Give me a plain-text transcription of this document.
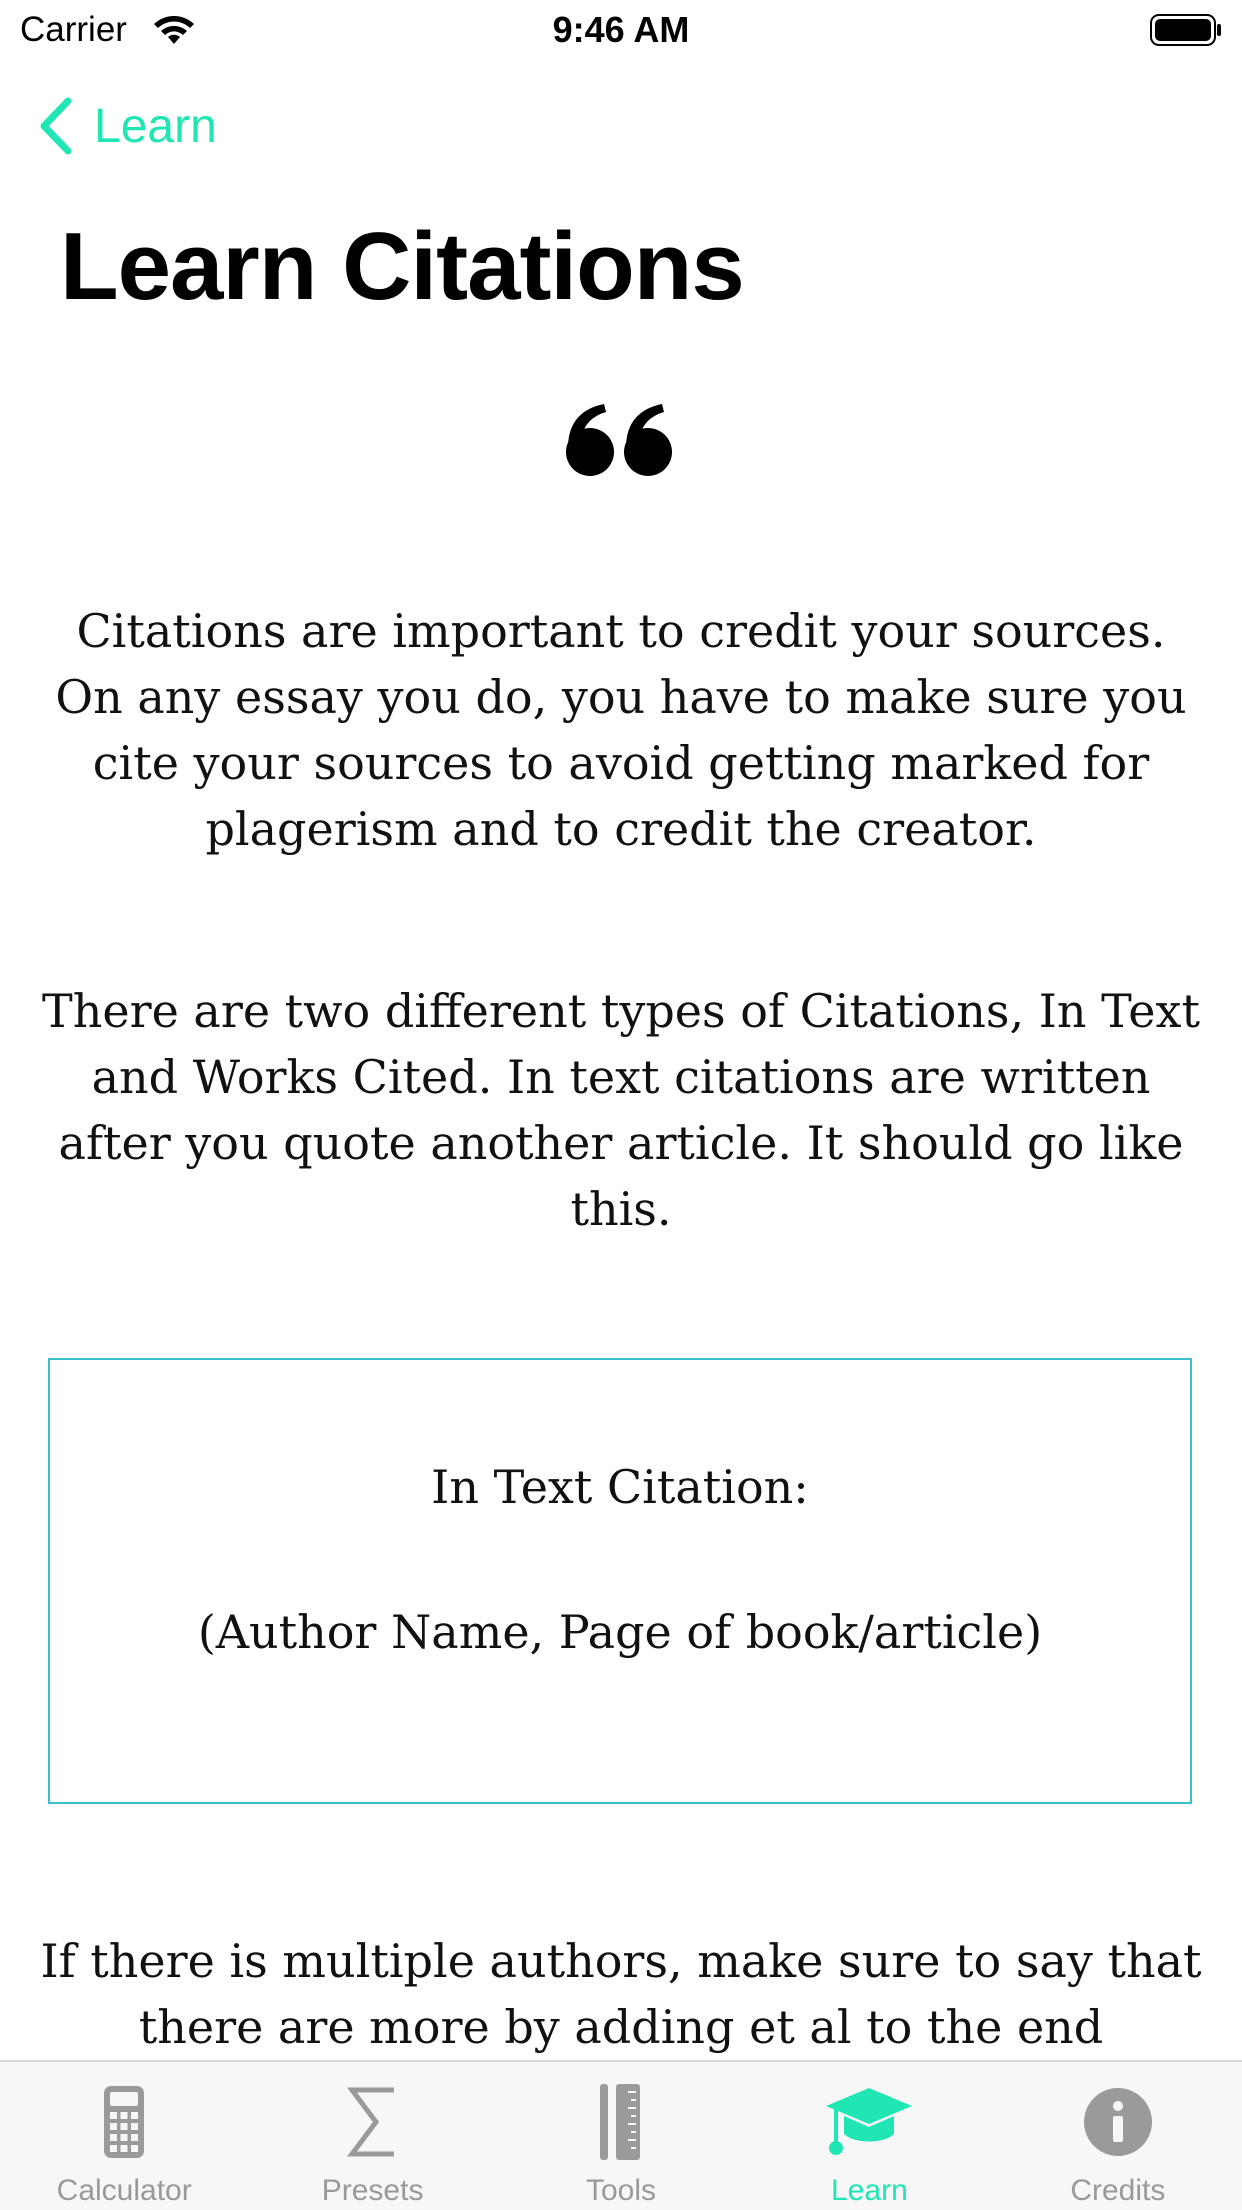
Carrier	9:46 AM
Learn
Learn Citations
Citations are important to credit your sources. On any essay you do, you have to make sure you cite your sources to avoid getting marked for plagerism and to credit the creator.
There are two different types of Citations, In Text and Works Cited. In text citations are written after you quote another article. It should go like this.
In Text Citation:
(Author Name, Page of book/article)
If there is multiple authors, make sure to say that there are more by adding et al to the end
Calculator	Presets	Tools	Learn	Credits
